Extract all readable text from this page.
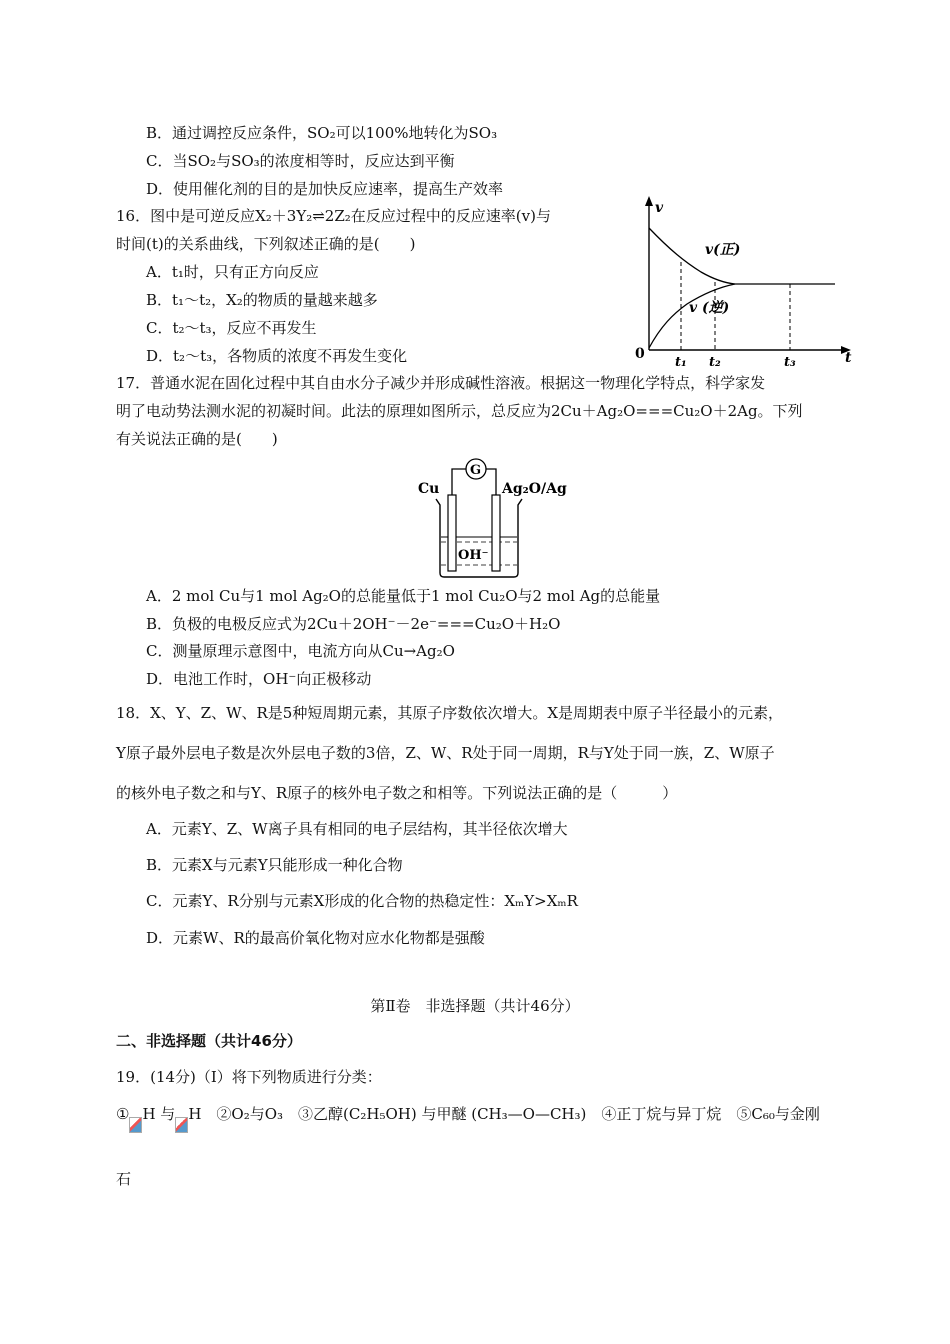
B．通过调控反应条件，SO₂可以100%地转化为SO₃
C．当SO₂与SO₃的浓度相等时，反应达到平衡
D．使用催化剂的目的是加快反应速率，提高生产效率
16．图中是可逆反应X₂＋3Y₂⇌2Z₂在反应过程中的反应速率(v)与
时间(t)的关系曲线，下列叙述正确的是(　　)
A．t₁时，只有正方向反应
B．t₁～t₂，X₂的物质的量越来越多
C．t₂～t₃，反应不再发生
D．t₂～t₃，各物质的浓度不再发生变化
v
t
0
v(正)
v (逆)
t₁ t₂	t₃
17．普通水泥在固化过程中其自由水分子减少并形成碱性溶液。根据这一物理化学特点，科学家发
明了电动势法测水泥的初凝时间。此法的原理如图所示，总反应为2Cu＋Ag₂O===Cu₂O＋2Ag。下列
有关说法正确的是(　　)
G
Cu	Ag₂O/Ag
OH⁻
A．2 mol Cu与1 mol Ag₂O的总能量低于1 mol Cu₂O与2 mol Ag的总能量
B．负极的电极反应式为2Cu＋2OH⁻－2e⁻===Cu₂O＋H₂O
C．测量原理示意图中，电流方向从Cu→Ag₂O
D．电池工作时，OH⁻向正极移动
18．X、Y、Z、W、R是5种短周期元素，其原子序数依次增大。X是周期表中原子半径最小的元素，
Y原子最外层电子数是次外层电子数的3倍，Z、W、R处于同一周期，R与Y处于同一族，Z、W原子
的核外电子数之和与Y、R原子的核外电子数之和相等。下列说法正确的是（　　　）
A．元素Y、Z、W离子具有相同的电子层结构，其半径依次增大
B．元素X与元素Y只能形成一种化合物
C．元素Y、R分别与元素X形成的化合物的热稳定性：XₘY>XₘR
D．元素W、R的最高价氧化物对应水化物都是强酸
第Ⅱ卷　非选择题（共计46分）
二、非选择题（共计46分）
19．(14分)（Ⅰ）将下列物质进行分类：
① H 与 H　②O₂与O₃　③乙醇(C₂H₅OH) 与甲醚 (CH₃—O—CH₃)　④正丁烷与异丁烷　⑤C₆₀与金刚
石
